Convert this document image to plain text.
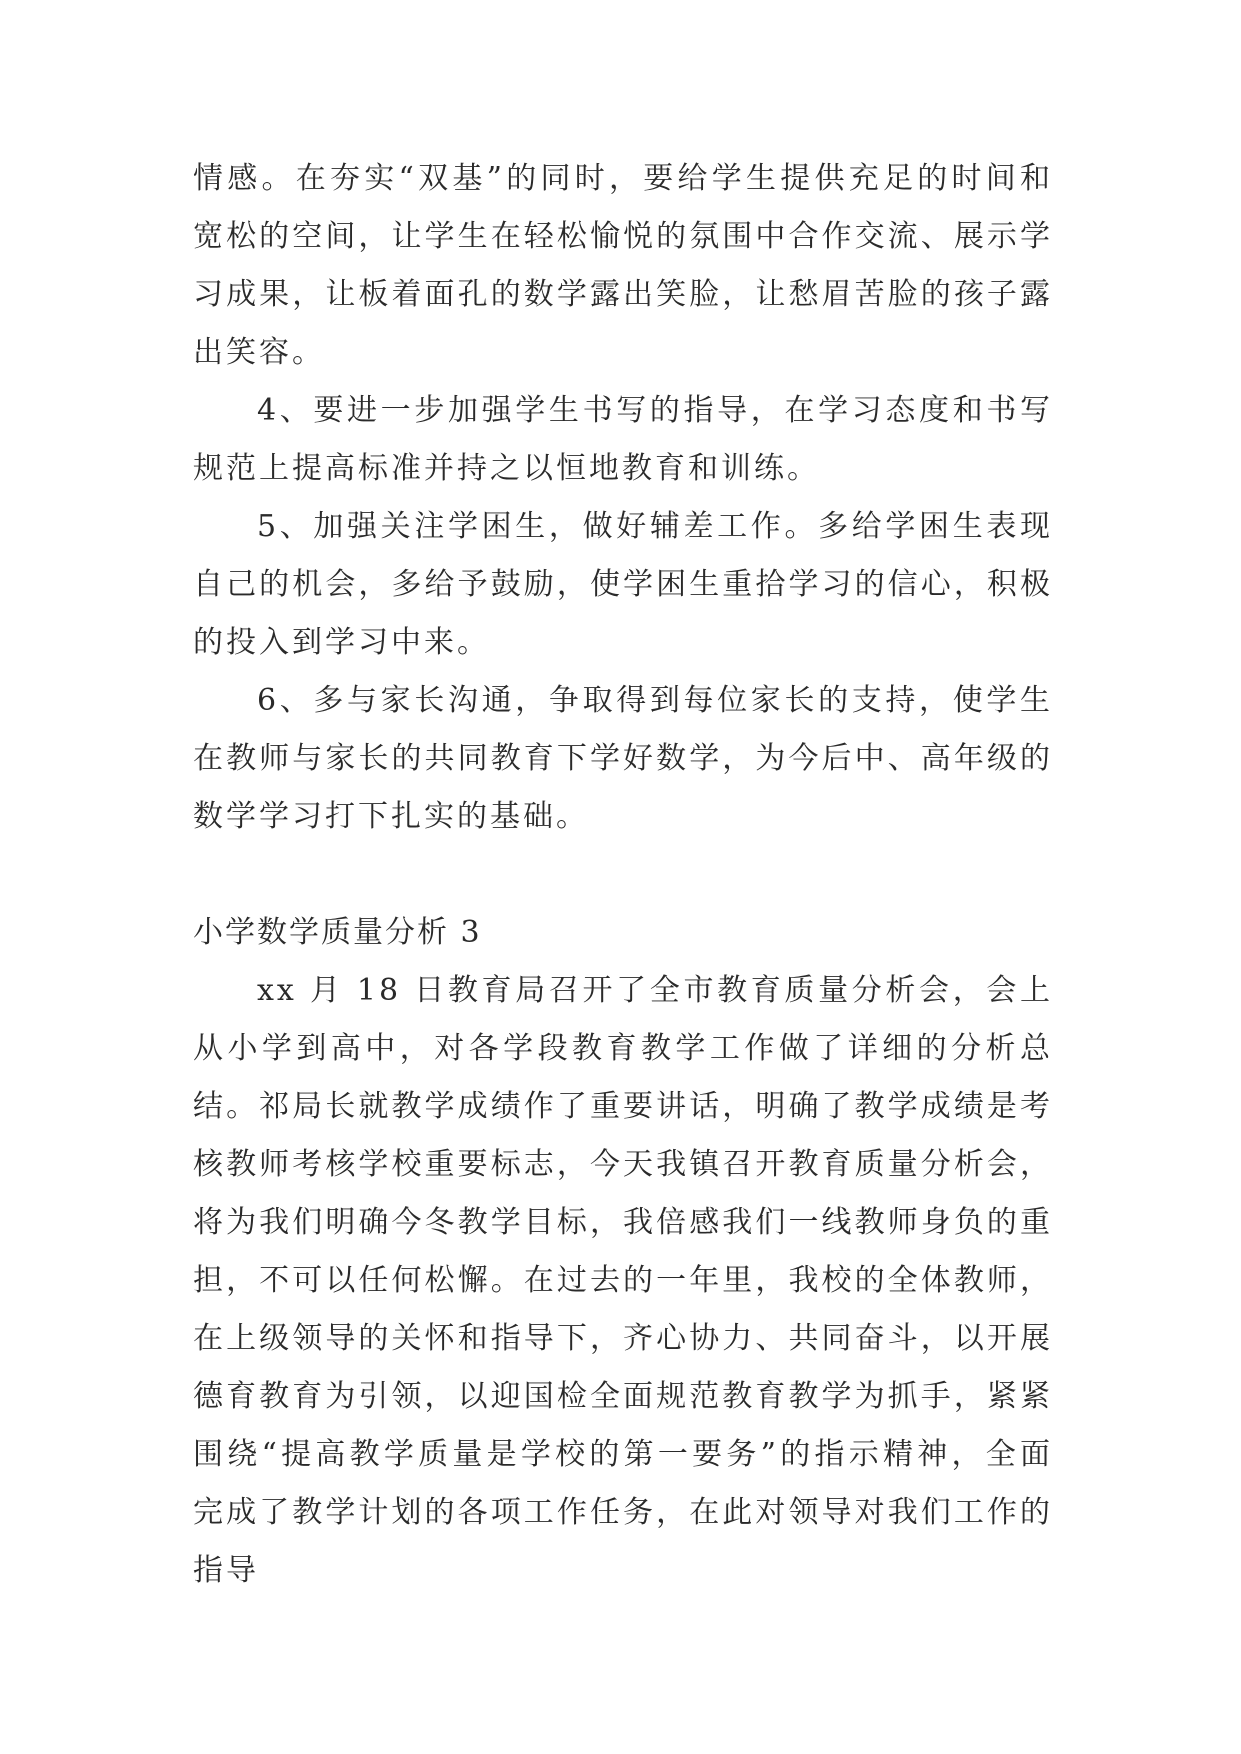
情感。在夯实“双基”的同时，要给学生提供充足的时间和宽松的空间，让学生在轻松愉悦的氛围中合作交流、展示学习成果，让板着面孔的数学露出笑脸，让愁眉苦脸的孩子露出笑容。

4、要进一步加强学生书写的指导，在学习态度和书写规范上提高标准并持之以恒地教育和训练。

5、加强关注学困生，做好辅差工作。多给学困生表现自己的机会，多给予鼓励，使学困生重拾学习的信心，积极的投入到学习中来。

6、多与家长沟通，争取得到每位家长的支持，使学生在教师与家长的共同教育下学好数学，为今后中、高年级的数学学习打下扎实的基础。

小学数学质量分析 3

xx 月 18 日教育局召开了全市教育质量分析会，会上从小学到高中，对各学段教育教学工作做了详细的分析总结。祁局长就教学成绩作了重要讲话，明确了教学成绩是考核教师考核学校重要标志，今天我镇召开教育质量分析会，将为我们明确今冬教学目标，我倍感我们一线教师身负的重担，不可以任何松懈。在过去的一年里，我校的全体教师，在上级领导的关怀和指导下，齐心协力、共同奋斗，以开展德育教育为引领，以迎国检全面规范教育教学为抓手，紧紧围绕“提高教学质量是学校的第一要务”的指示精神，全面完成了教学计划的各项工作任务，在此对领导对我们工作的指导
